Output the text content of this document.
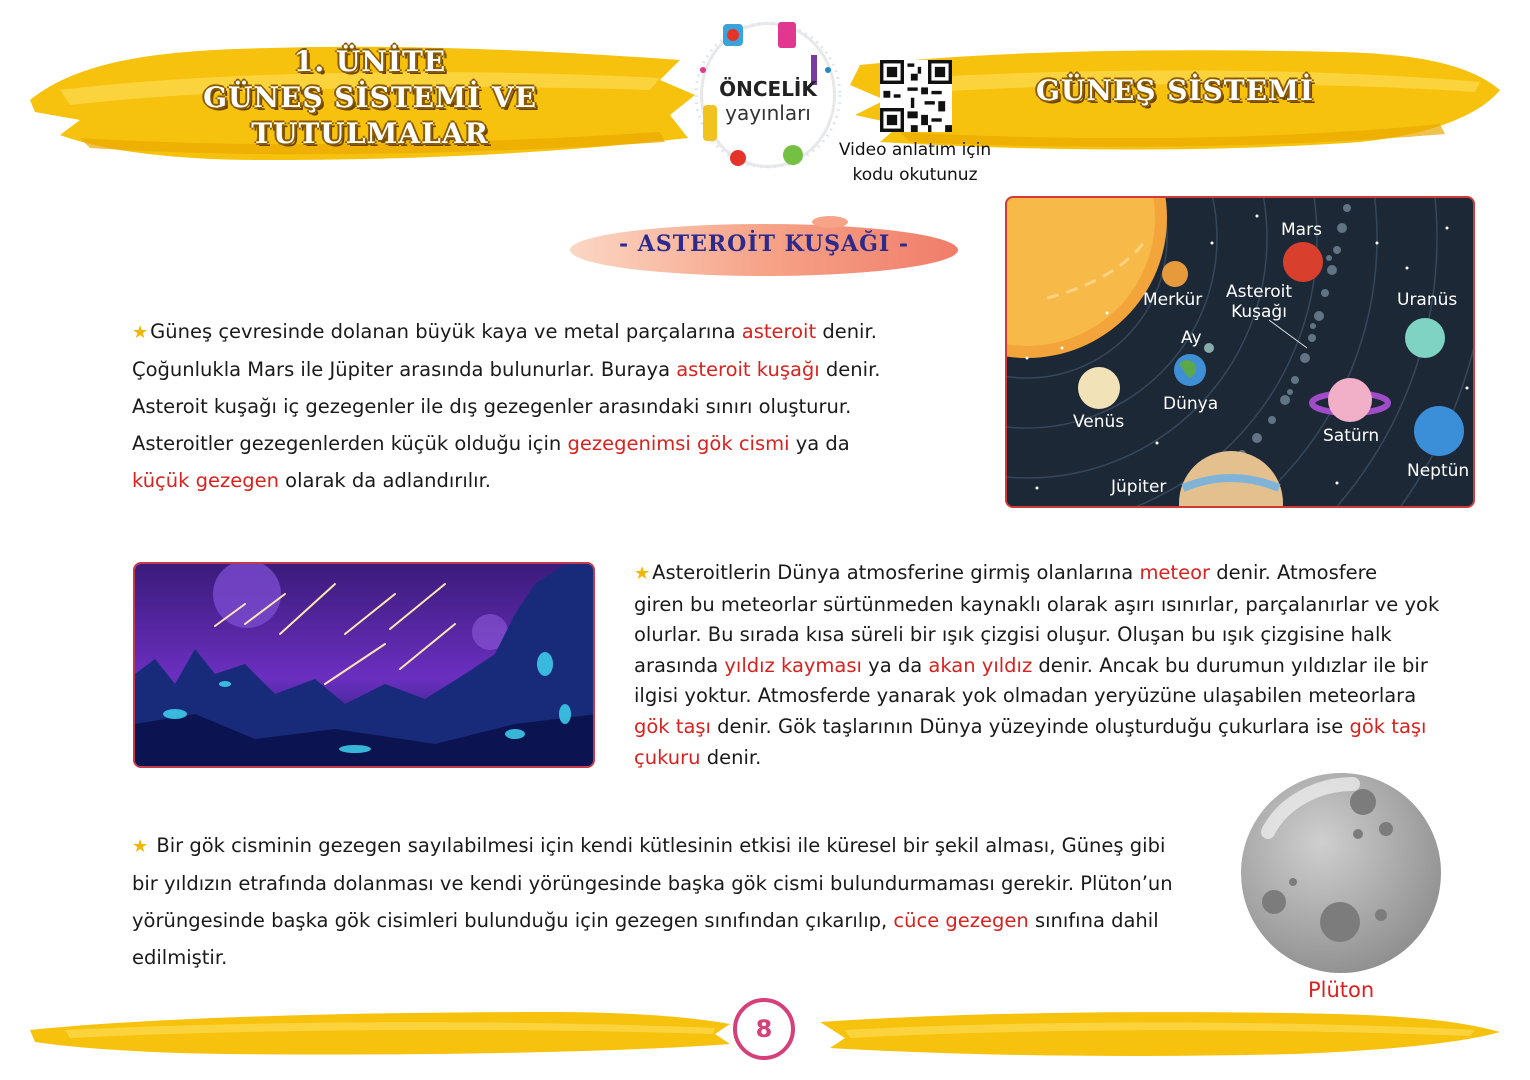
1. ÜNİTE
GÜNEŞ SİSTEMİ VE
TUTULMALAR
GÜNEŞ SİSTEMİ
ÖNCELİK
yayınları
Video anlatım için
kodu okutunuz
- ASTEROİT KUŞAĞI -

★ Güneş çevresinde dolanan büyük kaya ve metal parçalarına asteroit denir.

Çoğunlukla Mars ile Jüpiter arasında bulunurlar. Buraya asteroit kuşağı denir.

Asteroit kuşağı iç gezegenler ile dış gezegenler arasındaki sınırı oluşturur.

Asteroitler gezegenlerden küçük olduğu için gezegenimsi gök cismi ya da

küçük gezegen olarak da adlandırılır.

Mars
Merkür Asteroit
Kuşağı
Uranüs
Ay
Venüs
Dünya
Satürn
Neptün
Jüpiter

★ Asteroitlerin Dünya atmosferine girmiş olanlarına meteor denir. Atmosfere

giren bu meteorlar sürtünmeden kaynaklı olarak aşırı ısınırlar, parçalanırlar ve yok

olurlar. Bu sırada kısa süreli bir ışık çizgisi oluşur. Oluşan bu ışık çizgisine halk

arasında yıldız kayması ya da akan yıldız denir. Ancak bu durumun yıldızlar ile bir

ilgisi yoktur. Atmosferde yanarak yok olmadan yeryüzüne ulaşabilen meteorlara

gök taşı denir. Gök taşlarının Dünya yüzeyinde oluşturduğu çukurlara ise gök taşı

çukuru denir.

★ Bir gök cisminin gezegen sayılabilmesi için kendi kütlesinin etkisi ile küresel bir şekil alması, Güneş gibi

bir yıldızın etrafında dolanması ve kendi yörüngesinde başka gök cismi bulundurmaması gerekir. Plüton’un

yörüngesinde başka gök cisimleri bulunduğu için gezegen sınıfından çıkarılıp, cüce gezegen sınıfına dahil

edilmiştir.

Plüton
8
